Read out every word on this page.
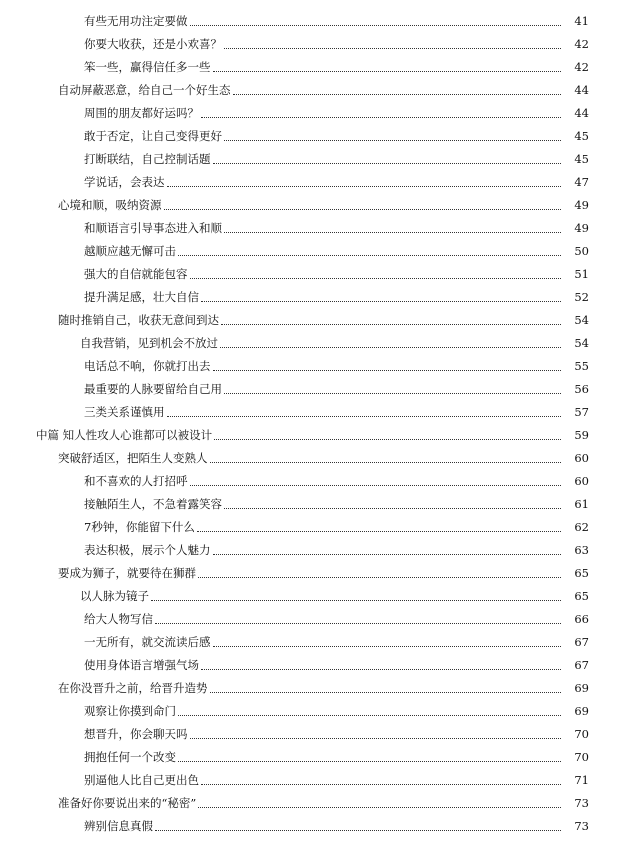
有些无用功注定要做	41
你要大收获，还是小欢喜？	42
笨一些，赢得信任多一些	42
自动屏蔽恶意，给自己一个好生态	44
周围的朋友都好运吗？	44
敢于否定，让自己变得更好	45
打断联结，自己控制话题	45
学说话，会表达	47
心境和顺，吸纳资源	49
和顺语言引导事态进入和顺	49
越顺应越无懈可击	50
强大的自信就能包容	51
提升满足感，壮大自信	52
随时推销自己，收获无意间到达	54
自我营销，见到机会不放过	54
电话总不响，你就打出去	55
最重要的人脉要留给自己用	56
三类关系谨慎用	57
中篇 知人性攻人心谁都可以被设计	59
突破舒适区，把陌生人变熟人	60
和不喜欢的人打招呼	60
接触陌生人，不急着露笑容	61
7秒钟，你能留下什么	62
表达积极，展示个人魅力	63
要成为狮子，就要待在狮群	65
以人脉为镜子	65
给大人物写信	66
一无所有，就交流读后感	67
使用身体语言增强气场	67
在你没晋升之前，给晋升造势	69
观察让你摸到命门	69
想晋升，你会聊天吗	70
拥抱任何一个改变	70
别逼他人比自己更出色	71
准备好你要说出来的“秘密”	73
辨别信息真假	73
